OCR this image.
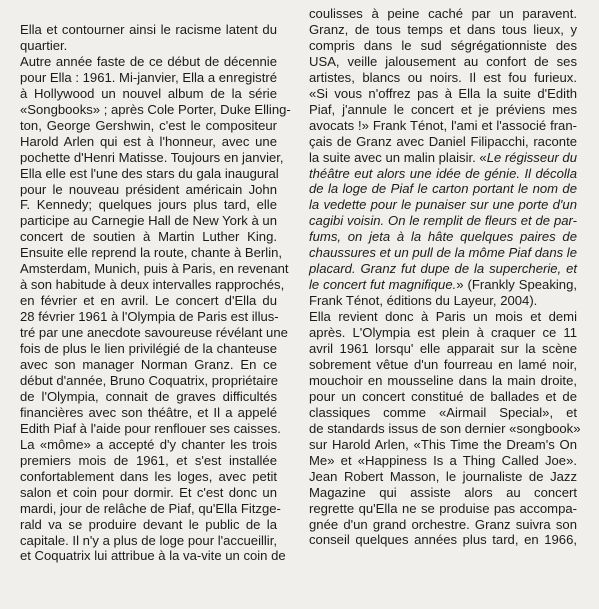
Ella et contourner ainsi le racisme latent du
quartier.
Autre année faste de ce début de décennie
pour Ella : 1961. Mi-janvier, Ella a enregistré
à Hollywood un nouvel album de la série
«Songbooks» ; après Cole Porter, Duke Elling-
ton, George Gershwin, c'est le compositeur
Harold Arlen qui est à l'honneur, avec une
pochette d'Henri Matisse. Toujours en janvier,
Ella elle est l'une des stars du gala inaugural
pour le nouveau président américain John
F. Kennedy; quelques jours plus tard, elle
participe au Carnegie Hall de New York à un
concert de soutien à Martin Luther King.
Ensuite elle reprend la route, chante à Berlin,
Amsterdam, Munich, puis à Paris, en revenant
à son habitude à deux intervalles rapprochés,
en février et en avril. Le concert d'Ella du
28 février 1961 à l'Olympia de Paris est illus-
tré par une anecdote savoureuse révélant une
fois de plus le lien privilégié de la chanteuse
avec son manager Norman Granz. En ce
début d'année, Bruno Coquatrix, propriétaire
de l'Olympia, connait de graves difficultés
financières avec son théâtre, et Il a appelé
Edith Piaf à l'aide pour renflouer ses caisses.
La «môme» a accepté d'y chanter les trois
premiers mois de 1961, et s'est installée
confortablement dans les loges, avec petit
salon et coin pour dormir. Et c'est donc un
mardi, jour de relâche de Piaf, qu'Ella Fitzge-
rald va se produire devant le public de la
capitale. Il n'y a plus de loge pour l'accueillir,
et Coquatrix lui attribue à la va-vite un coin de

coulisses à peine caché par un paravent.
Granz, de tous temps et dans tous lieux, y
compris dans le sud ségrégationniste des
USA, veille jalousement au confort de ses
artistes, blancs ou noirs. Il est fou furieux.
«Si vous n'offrez pas à Ella la suite d'Edith
Piaf, j'annule le concert et je préviens mes
avocats !» Frank Ténot, l'ami et l'associé fran-
çais de Granz avec Daniel Filipacchi, raconte
la suite avec un malin plaisir. «Le régisseur du
théâtre eut alors une idée de génie. Il décolla
de la loge de Piaf le carton portant le nom de
la vedette pour le punaiser sur une porte d'un
cagibi voisin. On le remplit de fleurs et de par-
fums, on jeta à la hâte quelques paires de
chaussures et un pull de la môme Piaf dans le
placard. Granz fut dupe de la supercherie, et
le concert fut magnifique.» (Frankly Speaking,
Frank Ténot, éditions du Layeur, 2004).
Ella revient donc à Paris un mois et demi
après. L'Olympia est plein à craquer ce 11
avril 1961 lorsqu' elle apparait sur la scène
sobrement vêtue d'un fourreau en lamé noir,
mouchoir en mousseline dans la main droite,
pour un concert constitué de ballades et de
classiques comme «Airmail Special», et
de standards issus de son dernier «songbook»
sur Harold Arlen, «This Time the Dream's On
Me» et «Happiness Is a Thing Called Joe».
Jean Robert Masson, le journaliste de Jazz
Magazine qui assiste alors au concert
regrette qu'Ella ne se produise pas accompa-
gnée d'un grand orchestre. Granz suivra son
conseil quelques années plus tard, en 1966,
